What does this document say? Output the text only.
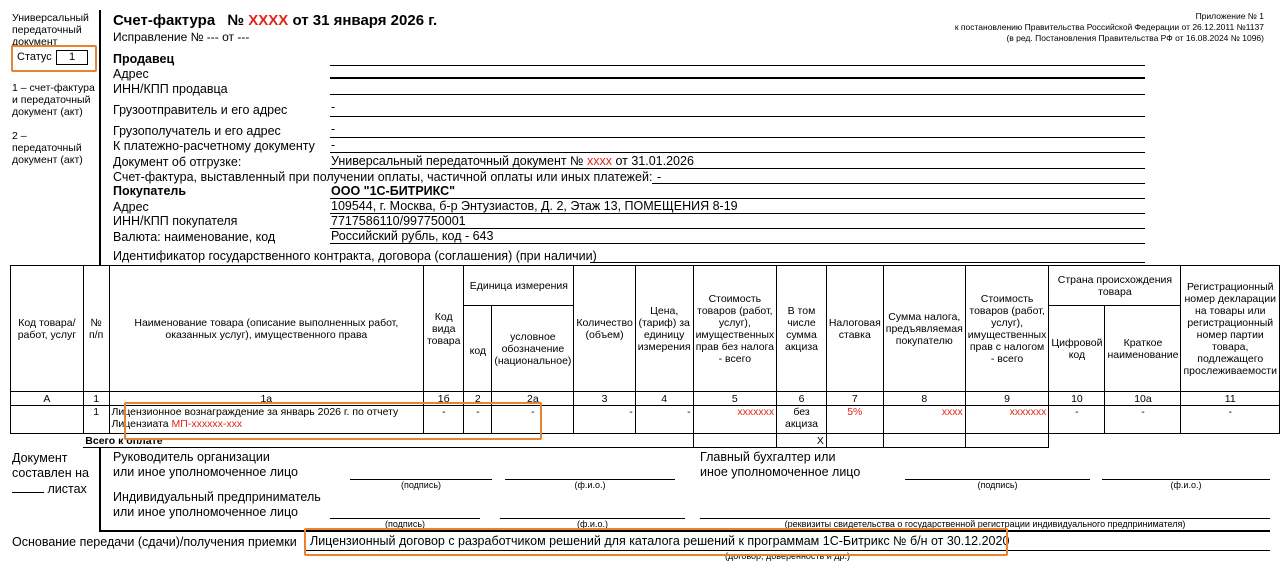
Универсальный передаточный документ
Статус	1
1 – счет-фактура и передаточный документ (акт)
2 – передаточный документ (акт)
Счет-фактура № XXXX от 31 января 2026 г.
Исправление № --- от ---
Приложение № 1
к постановлению Правительства Российской Федерации от 26.12.2011 №1137
(в ред. Постановления Правительства РФ от 16.08.2024 № 1096)
Продавец
Адрес
ИНН/КПП продавца
Грузоотправитель и его адрес	-
Грузополучатель и его адрес	-
К платежно-расчетному документу -
Документ об отгрузке:	Универсальный передаточный документ № xxxx от 31.01.2026
Счет-фактура, выставленный при получении оплаты, частичной оплаты или иных платежей: -
Покупатель	ООО "1С-БИТРИКС"
Адрес	109544, г. Москва, б-р Энтузиастов, Д. 2, Этаж 13, ПОМЕЩЕНИЯ 8-19
ИНН/КПП покупателя	7717586110/997750001
Валюта: наименование, код	Российский рубль, код - 643
Идентификатор государственного контракта, договора (соглашения) (при наличии)
Код товара/работ, услуг	№ п/п	Наименование товара (описание выполненных работ, оказанных услуг), имущественного права	Код вида товара	Единица измерения		Количество (объем)	Цена, (тариф) за единицу измерения	Стоимость товаров (работ, услуг), имущественных прав без налога - всего	В том числе сумма акциза	Налоговая ставка	Сумма налога, предъявляемая покупателю	Стоимость товаров (работ, услуг), имущественных прав с налогом - всего	Страна происхождения товара		Регистрационный номер декларации на товары или регистрационный номер партии товара, подлежащего прослеживаемости
				код	условное обозначение (национальное)								Цифровой код	Краткое наименование	
А	1	1а	1б	2	2а	3	4	5	6	7	8	9	10	10а	11
	1	Лицензионное вознаграждение за январь 2026 г. по отчету Лицензиата МП-xxxxxx-xxx	-	-	-	-	-	xxxxxxx	без акциза	5%	xxxx	xxxxxxx	-	-	-
	Всего к оплате								Х						
Документ составлен на
листах
Руководитель организации
или иное уполномоченное лицо
(подпись)	(ф.и.о.)
Главный бухгалтер или
иное уполномоченное лицо
(подпись)	(ф.и.о.)
Индивидуальный предприниматель
или иное уполномоченное лицо
(подпись)	(ф.и.о.)	(реквизиты свидетельства о государственной регистрации индивидуального предпринимателя)
Основание передачи (сдачи)/получения приемки Лицензионный договор с разработчиком решений для каталога решений к программам 1С-Битрикс № б/н от 30.12.2020
(договор; доверенность и др.)
